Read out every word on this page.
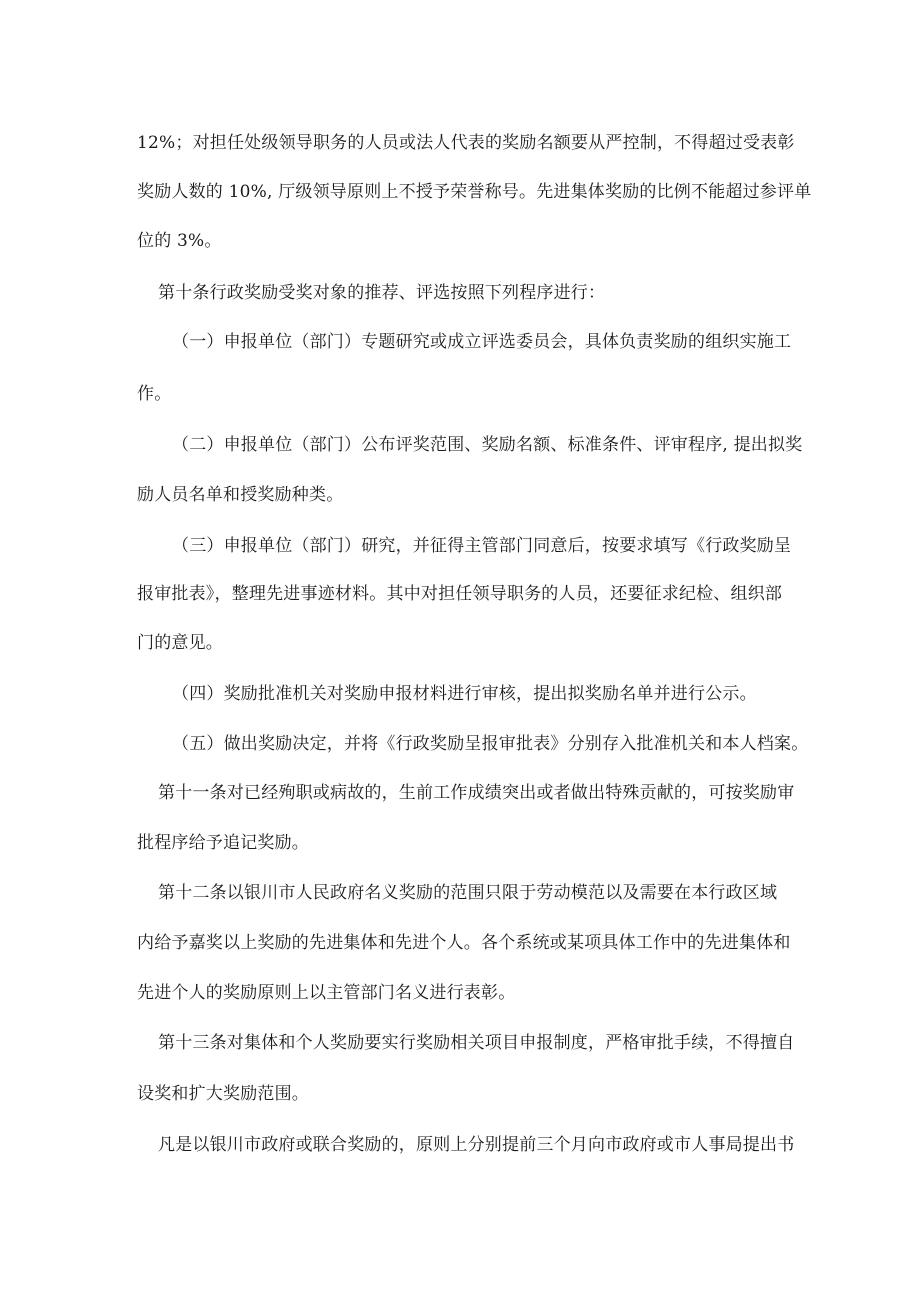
12%；对担任处级领导职务的人员或法人代表的奖励名额要从严控制，不得超过受表彰
奖励人数的 10%, 厅级领导原则上不授予荣誉称号。先进集体奖励的比例不能超过参评单
位的 3%。
第十条行政奖励受奖对象的推荐、评选按照下列程序进行：
（一）申报单位（部门）专题研究或成立评选委员会，具体负责奖励的组织实施工
作。
（二）申报单位（部门）公布评奖范围、奖励名额、标准条件、评审程序, 提出拟奖
励人员名单和授奖励种类。
（三）申报单位（部门）研究，并征得主管部门同意后，按要求填写《行政奖励呈
报审批表》，整理先进事迹材料。其中对担任领导职务的人员，还要征求纪检、组织部
门的意见。
（四）奖励批准机关对奖励申报材料进行审核，提出拟奖励名单并进行公示。
（五）做出奖励决定，并将《行政奖励呈报审批表》分别存入批准机关和本人档案。
第十一条对已经殉职或病故的，生前工作成绩突出或者做出特殊贡献的，可按奖励审
批程序给予追记奖励。
第十二条以银川市人民政府名义奖励的范围只限于劳动模范以及需要在本行政区域
内给予嘉奖以上奖励的先进集体和先进个人。各个系统或某项具体工作中的先进集体和
先进个人的奖励原则上以主管部门名义进行表彰。
第十三条对集体和个人奖励要实行奖励相关项目申报制度，严格审批手续，不得擅自
设奖和扩大奖励范围。
凡是以银川市政府或联合奖励的，原则上分别提前三个月向市政府或市人事局提出书
